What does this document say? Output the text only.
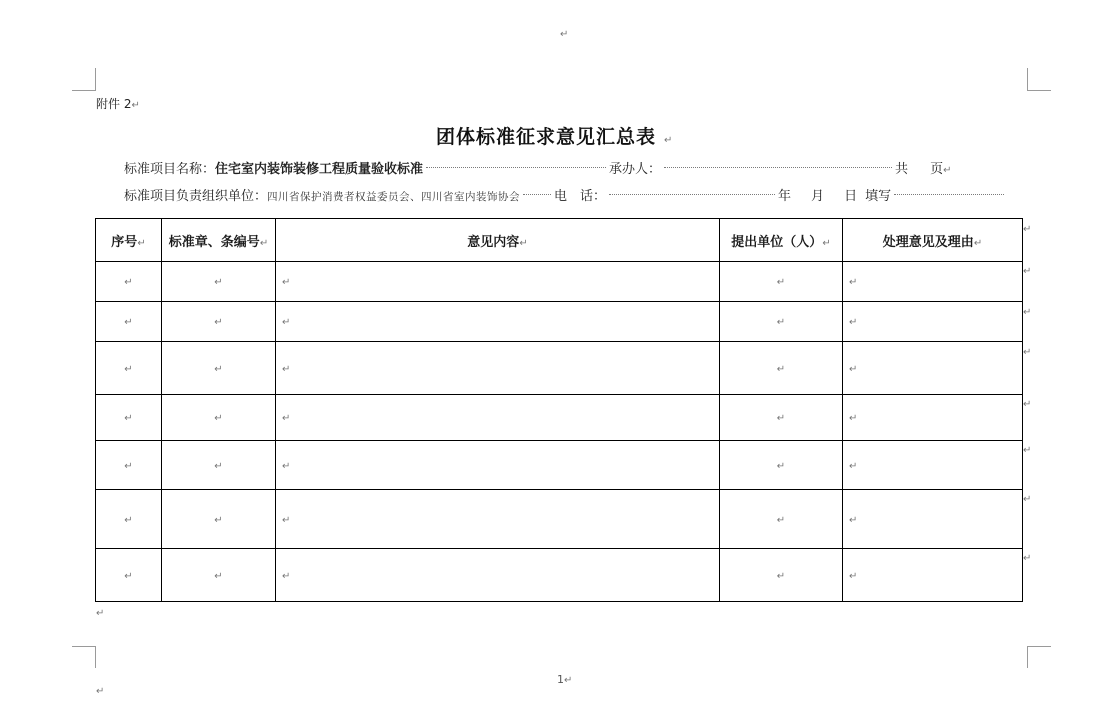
↵
附件 2↵
团体标准征求意见汇总表 ↵
标准项目名称：住宅室内装饰装修工程质量验收标准	承办人：	共 页↵
标准项目负责组织单位：四川省保护消费者权益委员会、四川省室内装饰协会	电　话：	年 月 日 填写
序号↵	标准章、条编号↵	意见内容↵	提出单位（人）↵	处理意见及理由↵
↵	↵	↵	↵	↵
↵	↵	↵	↵	↵
↵	↵	↵	↵	↵
↵	↵	↵	↵	↵
↵	↵	↵	↵	↵
↵	↵	↵	↵	↵
↵	↵	↵	↵	↵
↵
↵
↵
↵
↵
↵
↵
↵
↵
1↵
↵
